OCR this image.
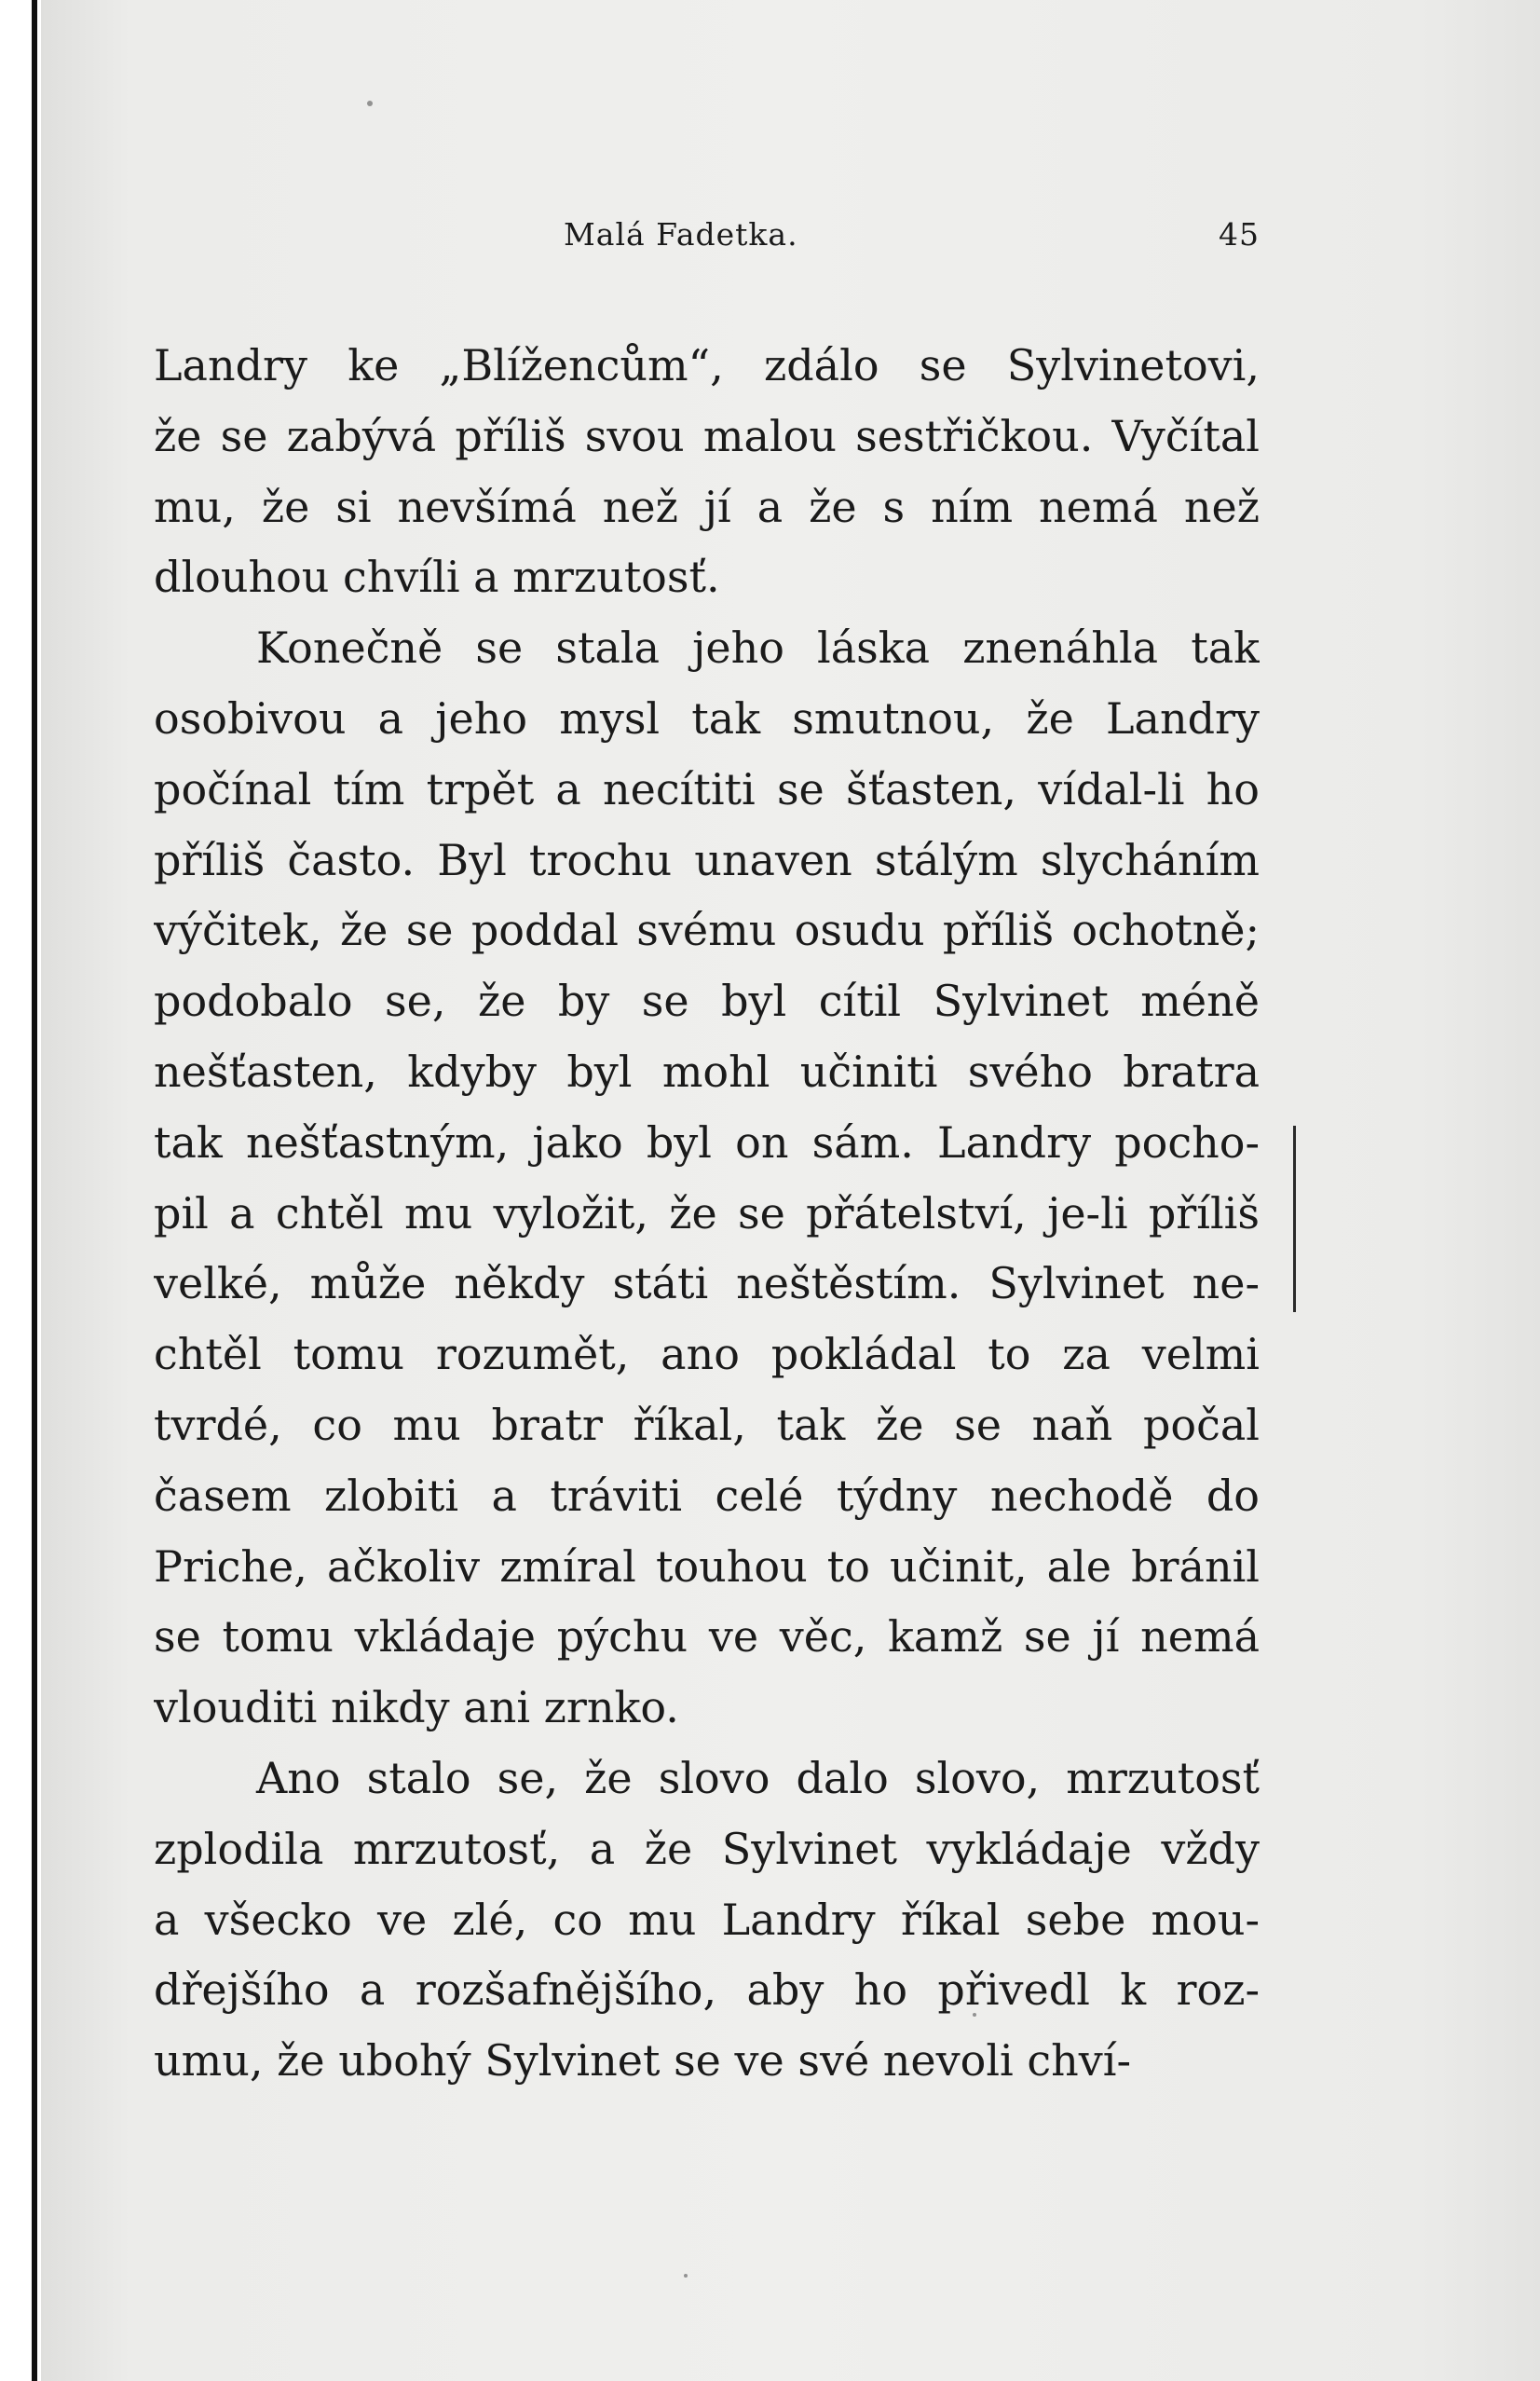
Malá Fadetka.	45
Landry ke „Blížencům“, zdálo se Sylvinetovi,
že se zabývá příliš svou malou sestřičkou. Vyčítal
mu, že si nevšímá než jí a že s ním nemá než
dlouhou chvíli a mrzutosť.
Konečně se stala jeho láska znenáhla tak
osobivou a jeho mysl tak smutnou, že Landry
počínal tím trpět a necítiti se šťasten, vídal-li ho
příliš často. Byl trochu unaven stálým slycháním
výčitek, že se poddal svému osudu příliš ochotně;
podobalo se, že by se byl cítil Sylvinet méně
nešťasten, kdyby byl mohl učiniti svého bratra
tak nešťastným, jako byl on sám. Landry pocho-
pil a chtěl mu vyložit, že se přátelství, je-li příliš
velké, může někdy státi neštěstím. Sylvinet ne-
chtěl tomu rozumět, ano pokládal to za velmi
tvrdé, co mu bratr říkal, tak že se naň počal
časem zlobiti a tráviti celé týdny nechodě do
Priche, ačkoliv zmíral touhou to učinit, ale bránil
se tomu vkládaje pýchu ve věc, kamž se jí nemá
vlouditi nikdy ani zrnko.
Ano stalo se, že slovo dalo slovo, mrzutosť
zplodila mrzutosť, a že Sylvinet vykládaje vždy
a všecko ve zlé, co mu Landry říkal sebe mou-
dřejšího a rozšafnějšího, aby ho přivedl k roz-
umu, že ubohý Sylvinet se ve své nevoli chví-
